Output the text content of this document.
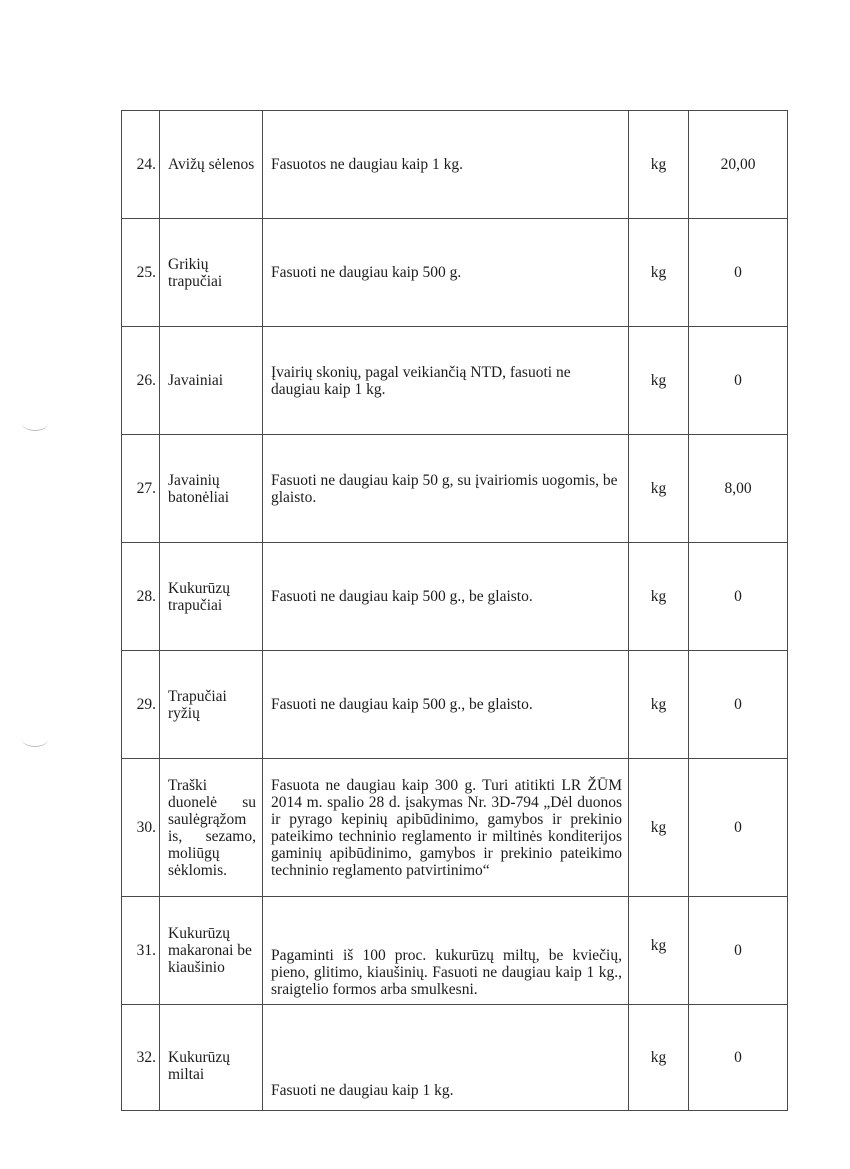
24.	Avižų sėlenos	Fasuotos ne daugiau kaip 1 kg.	kg	20,00
25.	Grikių trapučiai	Fasuoti ne daugiau kaip 500 g.	kg	0
26.	Javainiai	Įvairių skonių, pagal veikiančią NTD, fasuoti ne daugiau kaip 1 kg.	kg	0
27.	Javainių batonėliai	Fasuoti ne daugiau kaip 50 g, su įvairiomis uogomis, be glaisto.	kg	8,00
28.	Kukurūzų trapučiai	Fasuoti ne daugiau kaip 500 g., be glaisto.	kg	0
29.	Trapučiai ryžių	Fasuoti ne daugiau kaip 500 g., be glaisto.	kg	0
30.	Traški duonelė su saulėgrąžom is, sezamo, moliūgų sėklomis.	Fasuota ne daugiau kaip 300 g. Turi atitikti LR ŽŪM 2014 m. spalio 28 d. įsakymas Nr. 3D-794 „Dėl duonos ir pyrago kepinių apibūdinimo, gamybos ir prekinio pateikimo techninio reglamento ir miltinės konditerijos gaminių apibūdinimo, gamybos ir prekinio pateikimo techninio reglamento patvirtinimo“	kg	0
31.	Kukurūzų makaronai be kiaušinio	Pagaminti iš 100 proc. kukurūzų miltų, be kviečių, pieno, glitimo, kiaušinių. Fasuoti ne daugiau kaip 1 kg., sraigtelio formos arba smulkesni.	kg	0
32.	Kukurūzų miltai	Fasuoti ne daugiau kaip 1 kg.	kg	0
